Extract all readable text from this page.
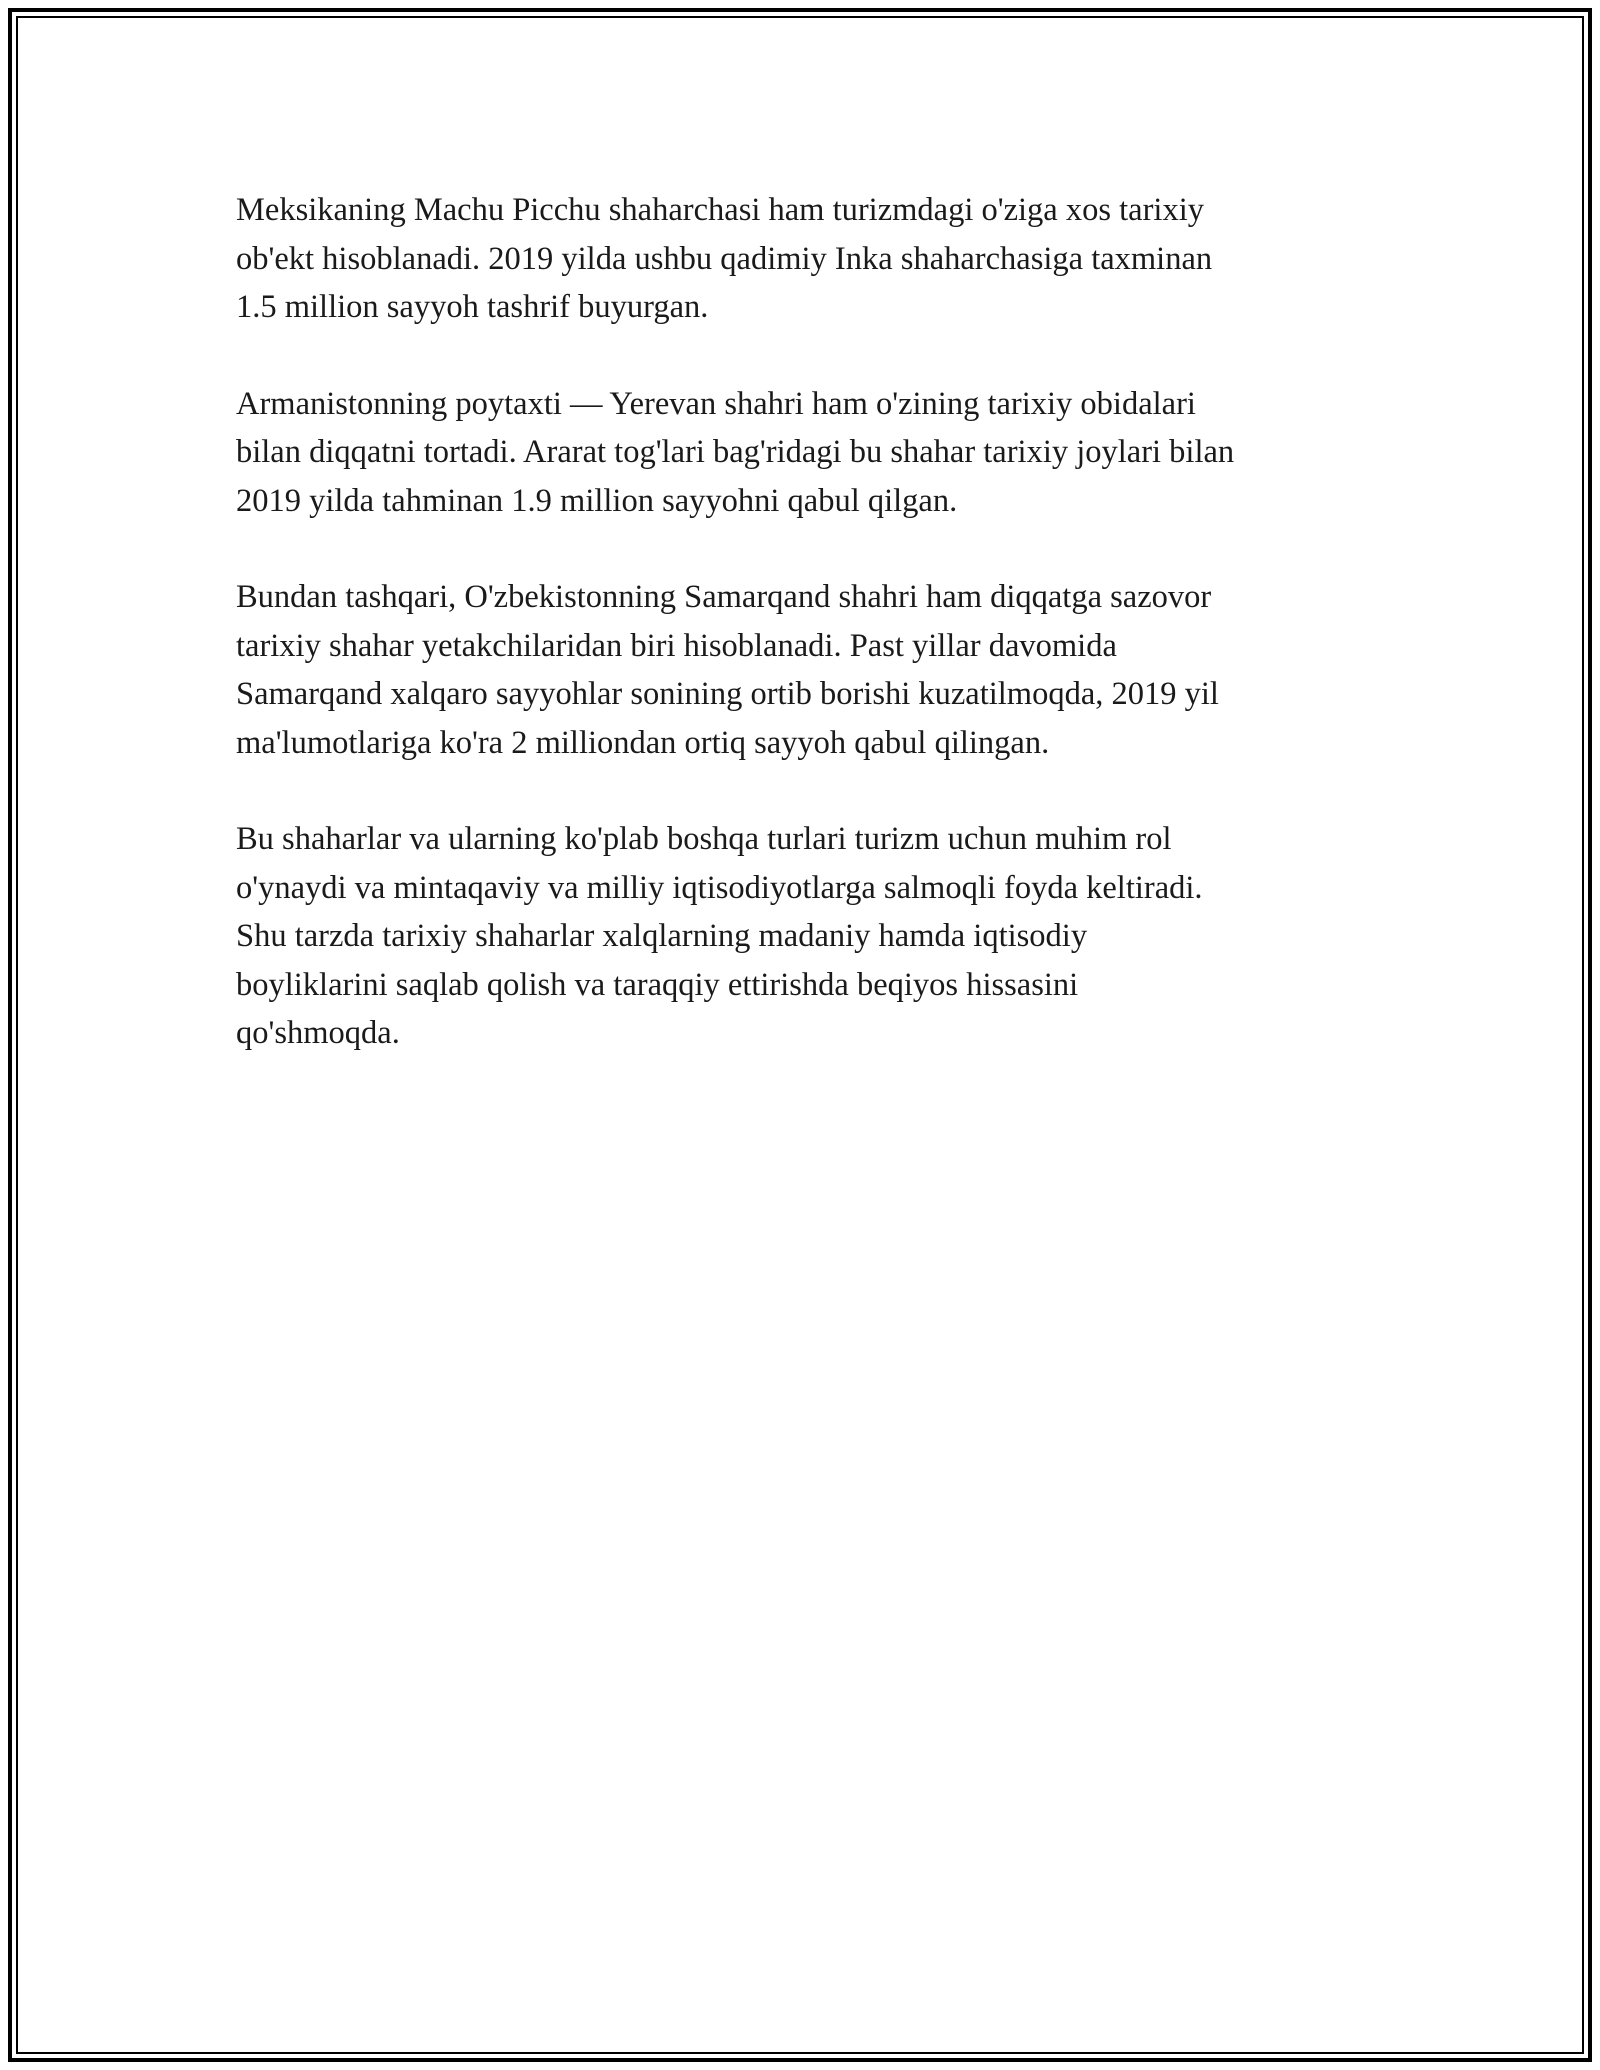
Meksikaning Machu Picchu shaharchasi ham turizmdagi o'ziga xos tarixiy
ob'ekt hisoblanadi. 2019 yilda ushbu qadimiy Inka shaharchasiga taxminan
1.5 million sayyoh tashrif buyurgan.

Armanistonning poytaxti — Yerevan shahri ham o'zining tarixiy obidalari
bilan diqqatni tortadi. Ararat tog'lari bag'ridagi bu shahar tarixiy joylari bilan
2019 yilda tahminan 1.9 million sayyohni qabul qilgan.

Bundan tashqari, O'zbekistonning Samarqand shahri ham diqqatga sazovor
tarixiy shahar yetakchilaridan biri hisoblanadi. Past yillar davomida
Samarqand xalqaro sayyohlar sonining ortib borishi kuzatilmoqda, 2019 yil
ma'lumotlariga ko'ra 2 milliondan ortiq sayyoh qabul qilingan.

Bu shaharlar va ularning ko'plab boshqa turlari turizm uchun muhim rol
o'ynaydi va mintaqaviy va milliy iqtisodiyotlarga salmoqli foyda keltiradi.
Shu tarzda tarixiy shaharlar xalqlarning madaniy hamda iqtisodiy
boyliklarini saqlab qolish va taraqqiy ettirishda beqiyos hissasini
qo'shmoqda.
